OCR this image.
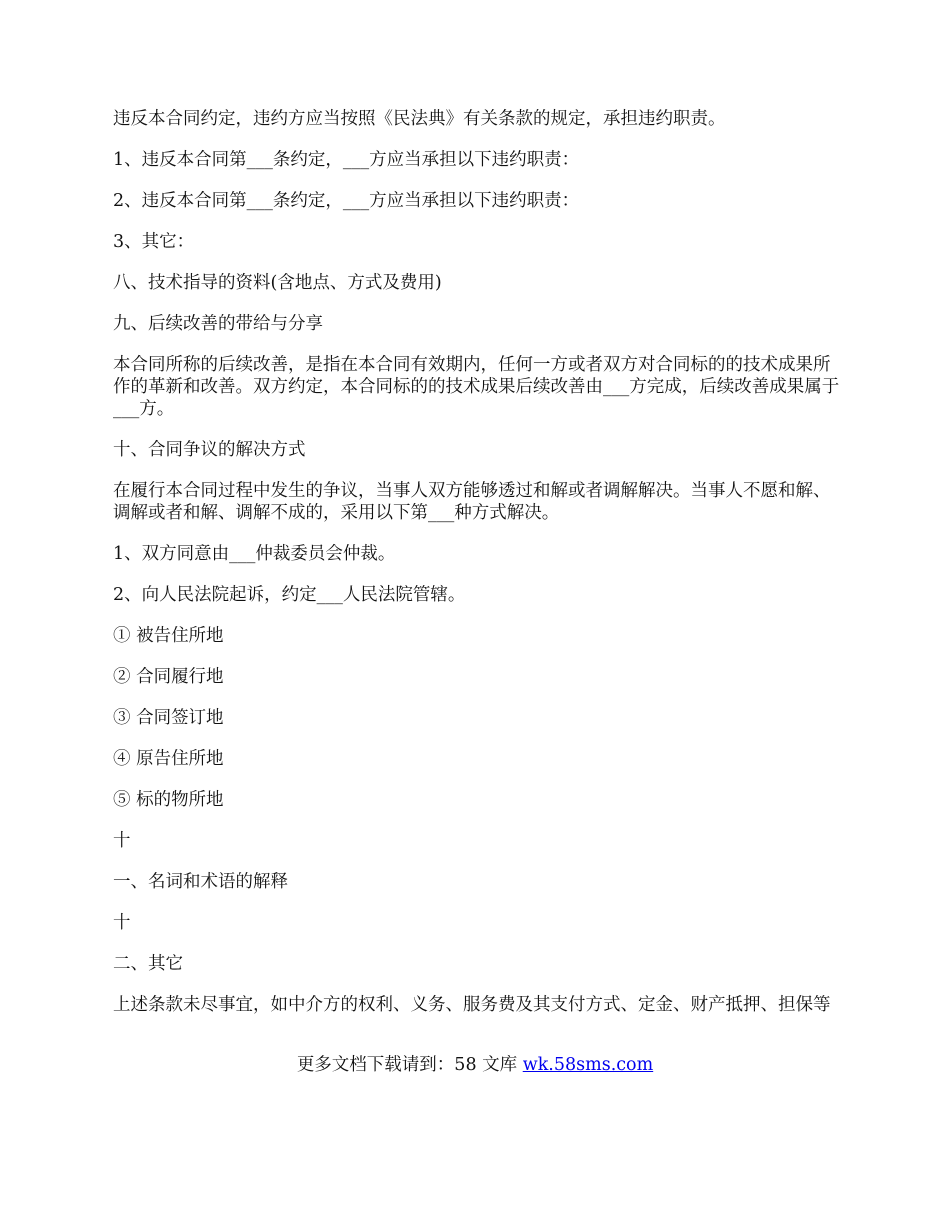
违反本合同约定，违约方应当按照《民法典》有关条款的规定，承担违约职责。

1、违反本合同第___条约定，___方应当承担以下违约职责：

2、违反本合同第___条约定，___方应当承担以下违约职责：

3、其它：

八、技术指导的资料(含地点、方式及费用)

九、后续改善的带给与分享

本合同所称的后续改善，是指在本合同有效期内，任何一方或者双方对合同标的的技术成果所作的革新和改善。双方约定，本合同标的的技术成果后续改善由___方完成，后续改善成果属于___方。

十、合同争议的解决方式

在履行本合同过程中发生的争议，当事人双方能够透过和解或者调解解决。当事人不愿和解、调解或者和解、调解不成的，采用以下第___种方式解决。

1、双方同意由___仲裁委员会仲裁。

2、向人民法院起诉，约定___人民法院管辖。

① 被告住所地

② 合同履行地

③ 合同签订地

④ 原告住所地

⑤ 标的物所地

十

一、名词和术语的解释

十

二、其它

上述条款未尽事宜，如中介方的权利、义务、服务费及其支付方式、定金、财产抵押、担保等

更多文档下载请到：58 文库 wk.58sms.com
